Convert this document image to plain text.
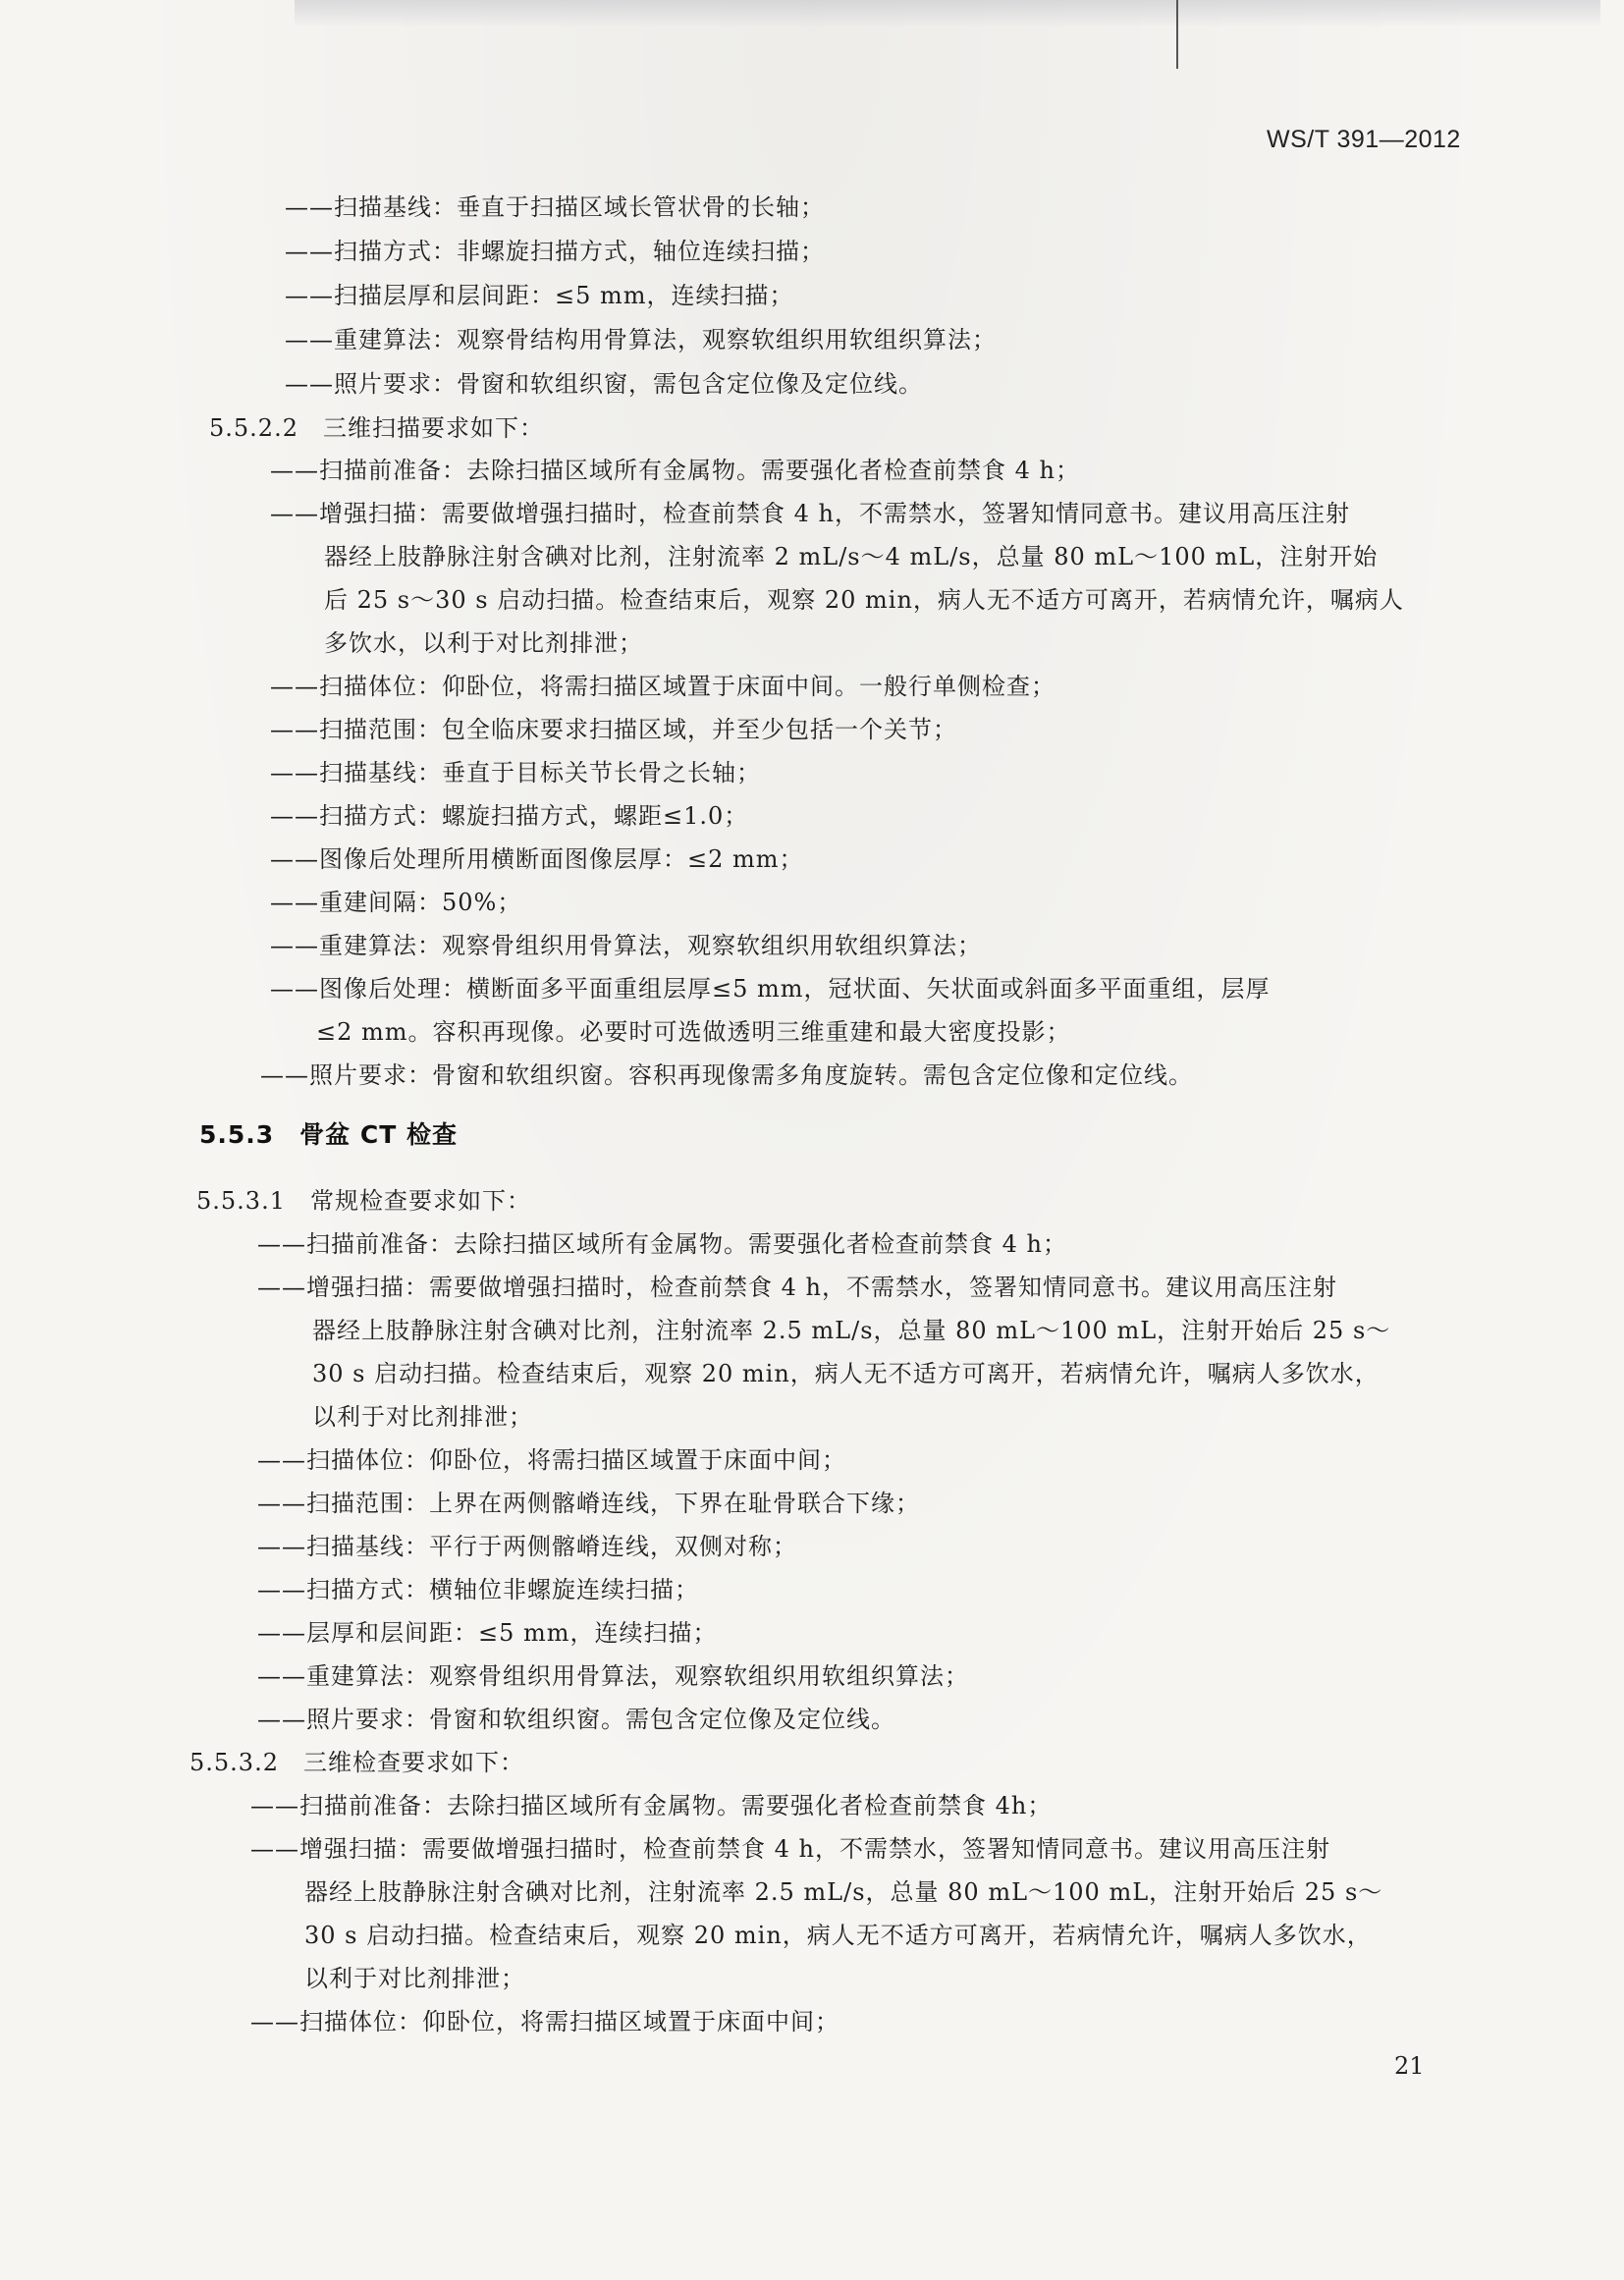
WS/T 391—2012
——扫描基线：垂直于扫描区域长管状骨的长轴；
——扫描方式：非螺旋扫描方式，轴位连续扫描；
——扫描层厚和层间距：≤5 mm，连续扫描；
——重建算法：观察骨结构用骨算法，观察软组织用软组织算法；
——照片要求：骨窗和软组织窗，需包含定位像及定位线。
5.5.2.2　三维扫描要求如下：
——扫描前准备：去除扫描区域所有金属物。需要强化者检查前禁食 4 h；
——增强扫描：需要做增强扫描时，检查前禁食 4 h，不需禁水，签署知情同意书。建议用高压注射
器经上肢静脉注射含碘对比剂，注射流率 2 mL/s～4 mL/s，总量 80 mL～100 mL，注射开始
后 25 s～30 s 启动扫描。检查结束后，观察 20 min，病人无不适方可离开，若病情允许，嘱病人
多饮水，以利于对比剂排泄；
——扫描体位：仰卧位，将需扫描区域置于床面中间。一般行单侧检查；
——扫描范围：包全临床要求扫描区域，并至少包括一个关节；
——扫描基线：垂直于目标关节长骨之长轴；
——扫描方式：螺旋扫描方式，螺距≤1.0；
——图像后处理所用横断面图像层厚：≤2 mm；
——重建间隔：50%；
——重建算法：观察骨组织用骨算法，观察软组织用软组织算法；
——图像后处理：横断面多平面重组层厚≤5 mm，冠状面、矢状面或斜面多平面重组，层厚
≤2 mm。容积再现像。必要时可选做透明三维重建和最大密度投影；
——照片要求：骨窗和软组织窗。容积再现像需多角度旋转。需包含定位像和定位线。
5.5.3　骨盆 CT 检查
5.5.3.1　常规检查要求如下：
——扫描前准备：去除扫描区域所有金属物。需要强化者检查前禁食 4 h；
——增强扫描：需要做增强扫描时，检查前禁食 4 h，不需禁水，签署知情同意书。建议用高压注射
器经上肢静脉注射含碘对比剂，注射流率 2.5 mL/s，总量 80 mL～100 mL，注射开始后 25 s～
30 s 启动扫描。检查结束后，观察 20 min，病人无不适方可离开，若病情允许，嘱病人多饮水，
以利于对比剂排泄；
——扫描体位：仰卧位，将需扫描区域置于床面中间；
——扫描范围：上界在两侧髂嵴连线，下界在耻骨联合下缘；
——扫描基线：平行于两侧髂嵴连线，双侧对称；
——扫描方式：横轴位非螺旋连续扫描；
——层厚和层间距：≤5 mm，连续扫描；
——重建算法：观察骨组织用骨算法，观察软组织用软组织算法；
——照片要求：骨窗和软组织窗。需包含定位像及定位线。
5.5.3.2　三维检查要求如下：
——扫描前准备：去除扫描区域所有金属物。需要强化者检查前禁食 4h；
——增强扫描：需要做增强扫描时，检查前禁食 4 h，不需禁水，签署知情同意书。建议用高压注射
器经上肢静脉注射含碘对比剂，注射流率 2.5 mL/s，总量 80 mL～100 mL，注射开始后 25 s～
30 s 启动扫描。检查结束后，观察 20 min，病人无不适方可离开，若病情允许，嘱病人多饮水，
以利于对比剂排泄；
——扫描体位：仰卧位，将需扫描区域置于床面中间；
21
